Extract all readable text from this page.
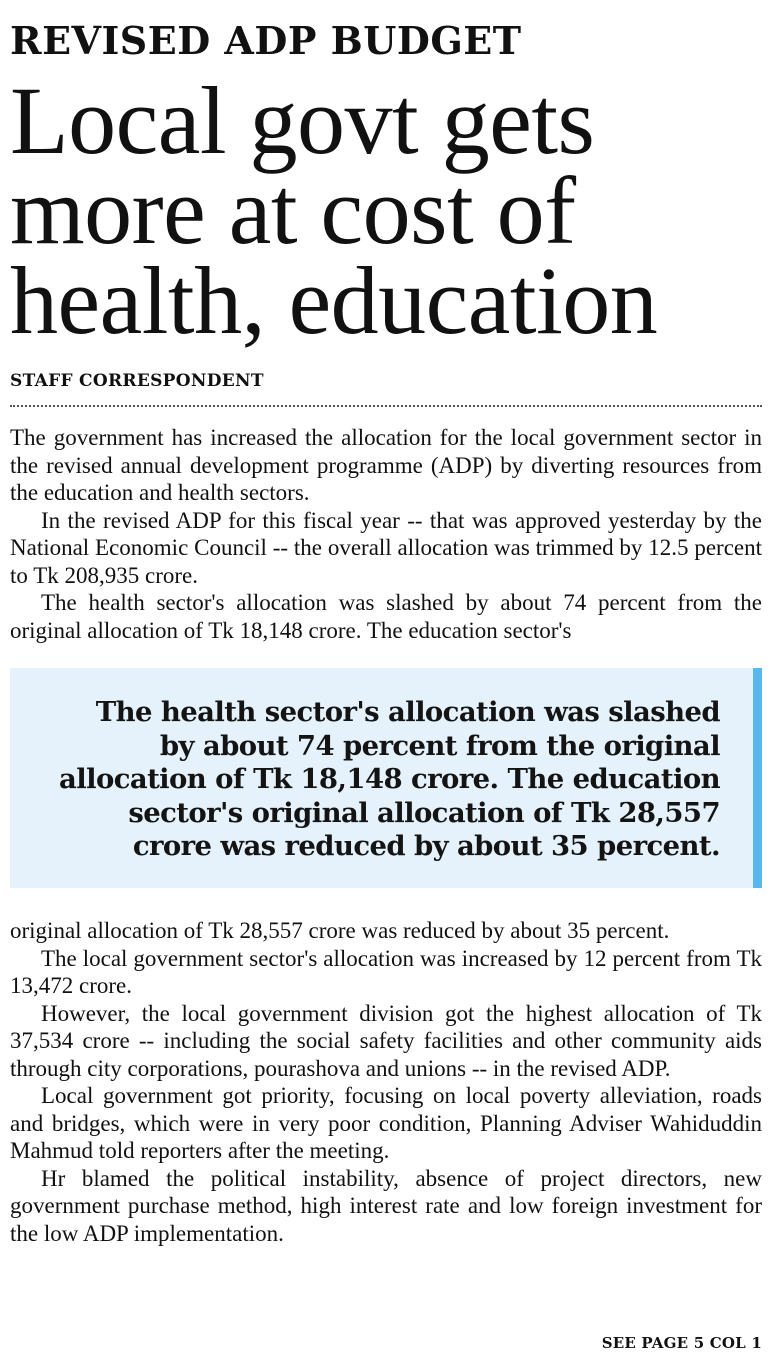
REVISED ADP BUDGET
Local govt gets
more at cost of
health, education
STAFF CORRESPONDENT

The government has increased the allocation for the local government sector in the revised annual development programme (ADP) by diverting resources from the education and health sectors.

In the revised ADP for this fiscal year -- that was approved yesterday by the National Economic Council -- the overall allocation was trimmed by 12.5 percent to Tk 208,935 crore.

The health sector's allocation was slashed by about 74 percent from the original allocation of Tk 18,148 crore. The education sector's

The health sector's allocation was slashed
by about 74 percent from the original
allocation of Tk 18,148 crore. The education
sector's original allocation of Tk 28,557
crore was reduced by about 35 percent.

original allocation of Tk 28,557 crore was reduced by about 35 percent.

The local government sector's allocation was increased by 12 percent from Tk 13,472 crore.

However, the local government division got the highest allocation of Tk 37,534 crore -- including the social safety facilities and other community aids through city corporations, pourashova and unions -- in the revised ADP.

Local government got priority, focusing on local poverty alleviation, roads and bridges, which were in very poor condition, Planning Adviser Wahiduddin Mahmud told reporters after the meeting.

Hr blamed the political instability, absence of project directors, new government purchase method, high interest rate and low foreign investment for the low ADP implementation.

SEE PAGE 5 COL 1
